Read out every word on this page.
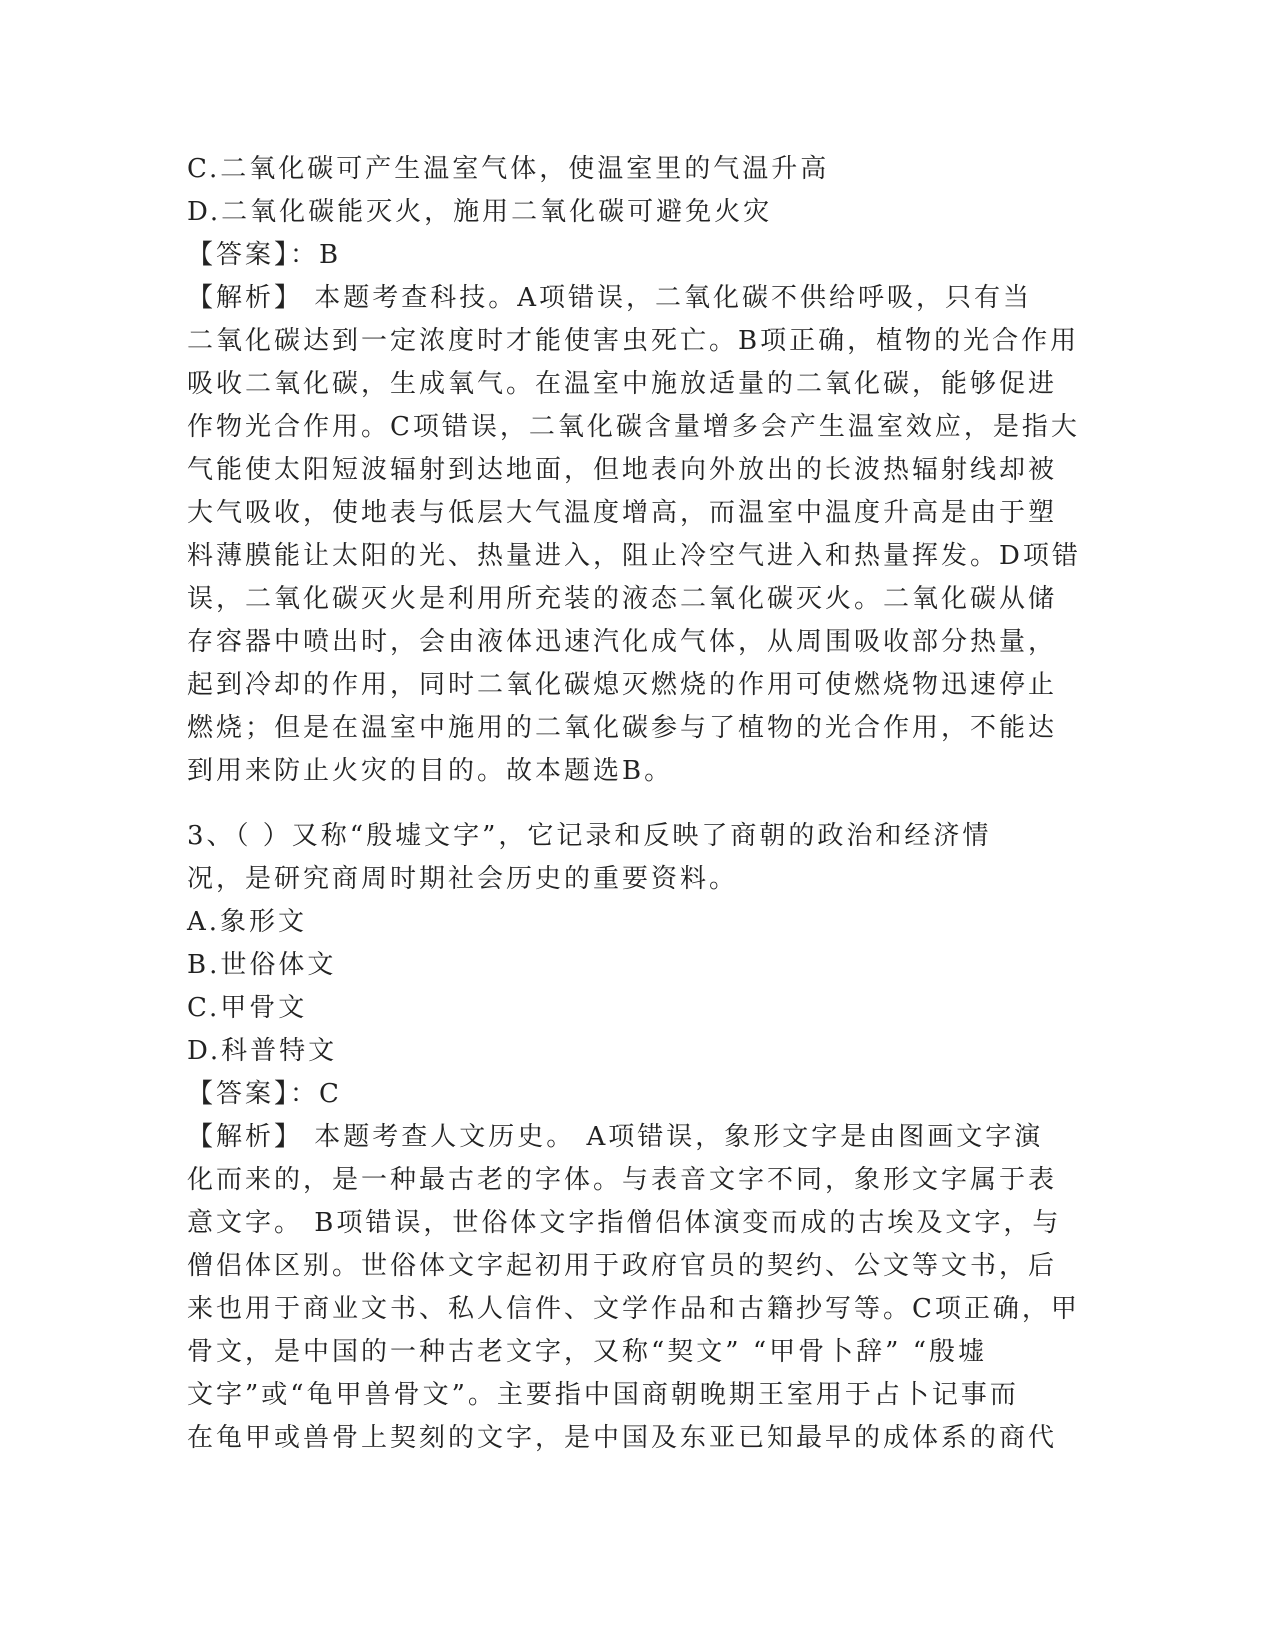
C.二氧化碳可产生温室气体，使温室里的气温升高
D.二氧化碳能灭火，施用二氧化碳可避免火灾
【答案】：B
【解析】 本题考查科技。A项错误，二氧化碳不供给呼吸，只有当
二氧化碳达到一定浓度时才能使害虫死亡。B项正确，植物的光合作用
吸收二氧化碳，生成氧气。在温室中施放适量的二氧化碳，能够促进
作物光合作用。C项错误，二氧化碳含量增多会产生温室效应，是指大
气能使太阳短波辐射到达地面，但地表向外放出的长波热辐射线却被
大气吸收，使地表与低层大气温度增高，而温室中温度升高是由于塑
料薄膜能让太阳的光、热量进入，阻止冷空气进入和热量挥发。D项错
误，二氧化碳灭火是利用所充装的液态二氧化碳灭火。二氧化碳从储
存容器中喷出时，会由液体迅速汽化成气体，从周围吸收部分热量，
起到冷却的作用，同时二氧化碳熄灭燃烧的作用可使燃烧物迅速停止
燃烧；但是在温室中施用的二氧化碳参与了植物的光合作用，不能达
到用来防止火灾的目的。故本题选B。
3、（ ）又称“殷墟文字”，它记录和反映了商朝的政治和经济情
况，是研究商周时期社会历史的重要资料。
A.象形文
B.世俗体文
C.甲骨文
D.科普特文
【答案】：C
【解析】 本题考查人文历史。 A项错误，象形文字是由图画文字演
化而来的，是一种最古老的字体。与表音文字不同，象形文字属于表
意文字。 B项错误，世俗体文字指僧侣体演变而成的古埃及文字，与
僧侣体区别。世俗体文字起初用于政府官员的契约、公文等文书，后
来也用于商业文书、私人信件、文学作品和古籍抄写等。C项正确，甲
骨文，是中国的一种古老文字，又称“契文” “甲骨卜辞” “殷墟
文字”或“龟甲兽骨文”。主要指中国商朝晚期王室用于占卜记事而
在龟甲或兽骨上契刻的文字，是中国及东亚已知最早的成体系的商代
